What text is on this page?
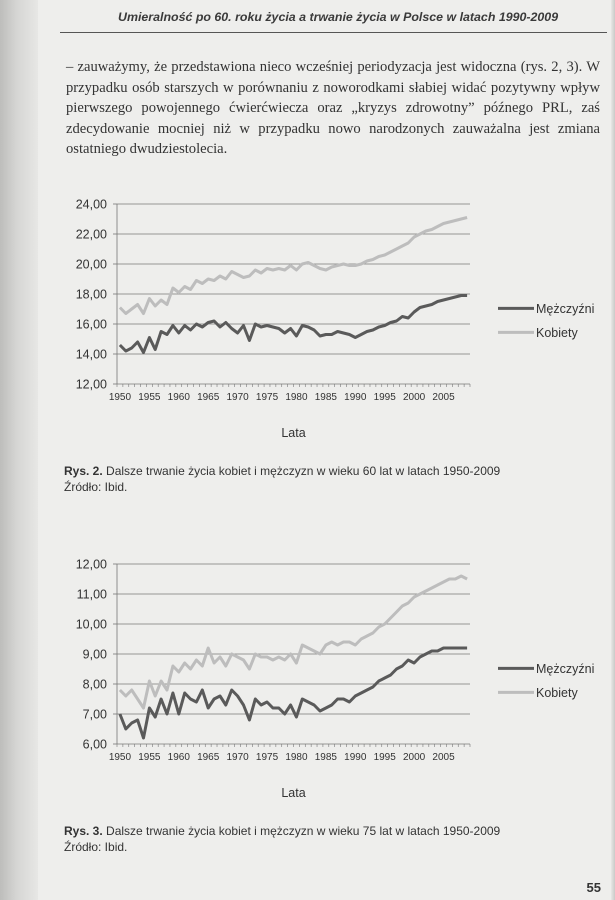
Umieralność po 60. roku życia a trwanie życia w Polsce w latach 1990-2009

– zauważymy, że przedstawiona nieco wcześniej periodyzacja jest widoczna (rys. 2, 3). W przypadku osób starszych w porównaniu z noworodkami słabiej widać pozytywny wpływ pierwszego powojennego ćwierćwiecza oraz „kryzys zdrowotny” późnego PRL, zaś zdecydowanie mocniej niż w przypadku nowo narodzonych zauważalna jest zmiana ostatniego dwudziestolecia.

12,00
14,00
16,00
18,00
20,00
22,00
24,00
1950 1955 1960 1965 1970 1975 1980 1985 1990 1995 2000 2005
Lata
Mężczyźni
Kobiety
Rys. 2. Dalsze trwanie życia kobiet i mężczyzn w wieku 60 lat w latach 1950-2009
Źródło: Ibid.
6,00
7,00
8,00
9,00
10,00
11,00
12,00
1950 1955 1960 1965 1970 1975 1980 1985 1990 1995 2000 2005
Lata
Mężczyźni
Kobiety
Rys. 3. Dalsze trwanie życia kobiet i mężczyzn w wieku 75 lat w latach 1950-2009
Źródło: Ibid.
55
